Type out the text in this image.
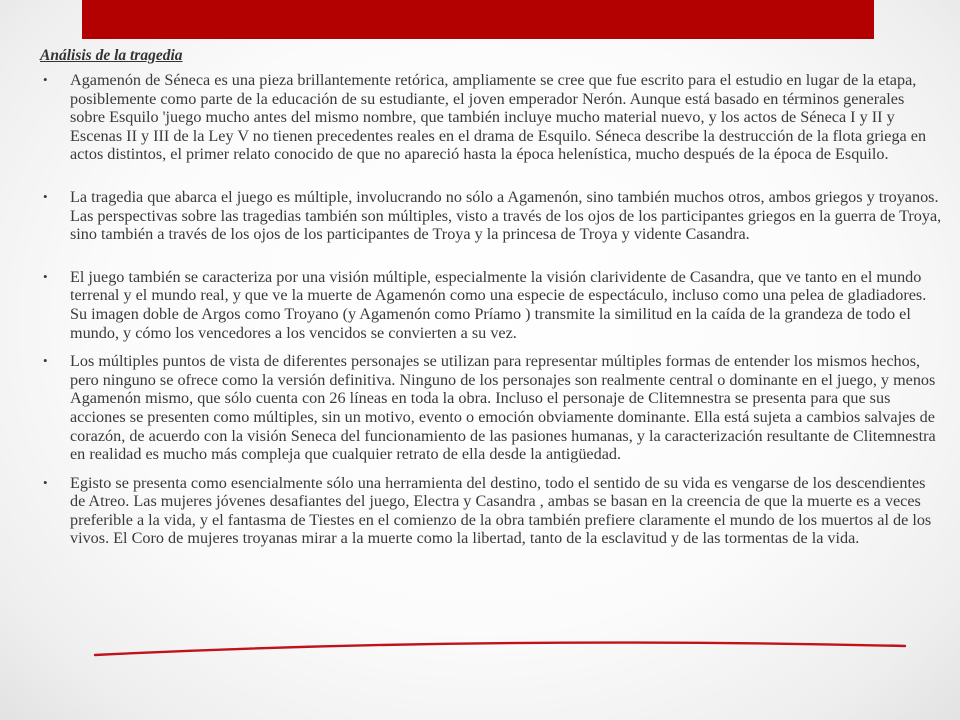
Análisis de la tragedia
• Agamenón de Séneca es una pieza brillantemente retórica, ampliamente se cree que fue escrito para el estudio en lugar de la etapa, posiblemente como parte de la educación de su estudiante, el joven emperador Nerón. Aunque está basado en términos generales sobre Esquilo 'juego mucho antes del mismo nombre, que también incluye mucho material nuevo, y los actos de Séneca I y II y Escenas II y III de la Ley V no tienen precedentes reales en el drama de Esquilo. Séneca describe la destrucción de la flota griega en actos distintos, el primer relato conocido de que no apareció hasta la época helenística, mucho después de la época de Esquilo.
• La tragedia que abarca el juego es múltiple, involucrando no sólo a Agamenón, sino también muchos otros, ambos griegos y troyanos. Las perspectivas sobre las tragedias también son múltiples, visto a través de los ojos de los participantes griegos en la guerra de Troya, sino también a través de los ojos de los participantes de Troya y la princesa de Troya y vidente Casandra.
• El juego también se caracteriza por una visión múltiple, especialmente la visión clarividente de Casandra, que ve tanto en el mundo terrenal y el mundo real, y que ve la muerte de Agamenón como una especie de espectáculo, incluso como una pelea de gladiadores. Su imagen doble de Argos como Troyano (y Agamenón como Príamo ) transmite la similitud en la caída de la grandeza de todo el mundo, y cómo los vencedores a los vencidos se convierten a su vez.
• Los múltiples puntos de vista de diferentes personajes se utilizan para representar múltiples formas de entender los mismos hechos, pero ninguno se ofrece como la versión definitiva. Ninguno de los personajes son realmente central o dominante en el juego, y menos Agamenón mismo, que sólo cuenta con 26 líneas en toda la obra. Incluso el personaje de Clitemnestra se presenta para que sus acciones se presenten como múltiples, sin un motivo, evento o emoción obviamente dominante. Ella está sujeta a cambios salvajes de corazón, de acuerdo con la visión Seneca del funcionamiento de las pasiones humanas, y la caracterización resultante de Clitemnestra en realidad es mucho más compleja que cualquier retrato de ella desde la antigüedad.
• Egisto se presenta como esencialmente sólo una herramienta del destino, todo el sentido de su vida es vengarse de los descendientes de Atreo. Las mujeres jóvenes desafiantes del juego, Electra y Casandra , ambas se basan en la creencia de que la muerte es a veces preferible a la vida, y el fantasma de Tiestes en el comienzo de la obra también prefiere claramente el mundo de los muertos al de los vivos. El Coro de mujeres troyanas mirar a la muerte como la libertad, tanto de la esclavitud y de las tormentas de la vida.
